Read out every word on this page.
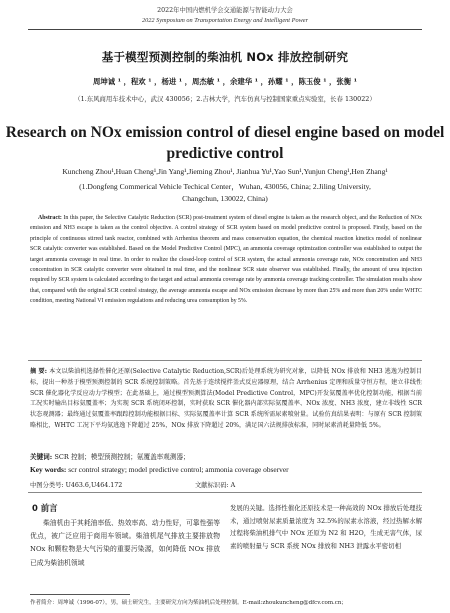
2022年中国内燃机学会交通能源与智能动力大会
2022 Symposium on Transportation Energy and Intelligent Power
基于模型预测控制的柴油机 NOx 排放控制研究
周坤诚 ¹ ，程欢 ¹ ，杨进 ¹ ，周杰敏 ¹ ，余建华 ¹ ，孙耀 ¹ ，陈玉俊 ¹ ，张衡 ¹
（1.东风商用车技术中心，武汉 430056；2.吉林大学，汽车仿真与控制国家重点实验室，长春 130022）
Research on NOx emission control of diesel engine based on model predictive control
Kuncheng Zhou¹,Huan Cheng¹,Jin Yang¹,Jieming Zhou¹, Jianhua Yu¹,Yao Sun¹,Yunjun Cheng¹,Hen Zhang¹
(1.Dongfeng Commerical Vehicle Techical Center，Wuhan, 430056, China; 2.Jiling University, Changchun, 130022, China)
Abstract: In this paper, the Selective Catalytic Reduction (SCR) post-treatment system of diesel engine is taken as the research object, and the Reduction of NOx emission and NH3 escape is taken as the control objective. A control strategy of SCR system based on model predictive control is proposed. Firstly, based on the principle of continuous stirred tank reactor, combined with Arrhenius theorem and mass conservation equation, the chemical reaction kinetics model of nonlinear SCR catalytic converter was established. Based on the Model Predictive Control (MPC), an ammonia coverage optimization controller was established to output the target ammonia coverage in real time. In order to realize the closed-loop control of SCR system, the actual ammonia coverage rate, NOx concentration and NH3 concentration in SCR catalytic converter were obtained in real time, and the nonlinear SCR state observer was established. Finally, the amount of urea injection required by SCR system is calculated according to the target and actual ammonia coverage rate by ammonia coverage tracking controller. The simulation results show that, compared with the original SCR control strategy, the average ammonia escape and NOx emission decrease by more than 25% and more than 20% under WHTC condition, meeting National VI emission regulations and reducing urea consumption by 5%.
摘 要: 本文以柴油机选择性催化还原(Selective Catalytic Reduction,SCR)后处理系统为研究对象，以降低 NOx 排放和 NH3 逃逸为控制目标，提出一种基于模型预测控制的 SCR 系统控制策略。首先基于连续搅拌釜式反应器原理，结合 Arrhenius 定理和质量守恒方程，建立非线性 SCR 催化器化学反应动力学模型；在此基础上，通过模型预测算法(Model Predictive Control，MPC)开发氨覆盖率优化控制功能，根据当前工况实时输出目标氨覆盖率；为实现 SCR 系统闭环控制，实时获取 SCR 催化器内部实际氨覆盖率、NOx 浓度、NH3 浓度，建立非线性 SCR 状态观测器；最终通过氨覆盖率跟踪控制功能根据目标、实际氨覆盖率计算 SCR 系统所需尿素喷射量。试验仿真结果表明：与原有 SCR 控制策略相比，WHTC 工况下平均氨逃逸下降超过 25%，NOx 排放下降超过 20%，满足国六法规排放标准，同时尿素消耗量降低 5%。
关键词: SCR 控制；模型预测控制；氨覆盖率观测器；
Key words: scr control strategy; model predictive control; ammonia coverage observer
中图分类号: U463.6,U464.172	文献标识码: A
0 前言
柴油机由于其耗油率低、热效率高、动力性好，可靠性强等优点，被广泛应用于商用车领域。柴油机尾气排放主要排放物 NOx 和颗粒物是大气污染的重要污染源，如何降低 NOx 排放已成为柴油机领域
发展的关键。选择性催化还原技术是一种高效的 NOx 排放后处理技术，通过喷射尿素质量浓度为 32.5%的尿素水溶液，经过热解水解过程将柴油机排气中 NOx 还原为 N2 和 H2O，生成无害气体，尿素的喷射量与 SCR 系统 NOx 排放和 NH3 泄露水平密切相
作者简介：周坤诚（1996-07），男，硕士研究生，主要研究方向为柴油机后处理控制。E-mail:zhoukuncheng@dfcv.com.cn；
